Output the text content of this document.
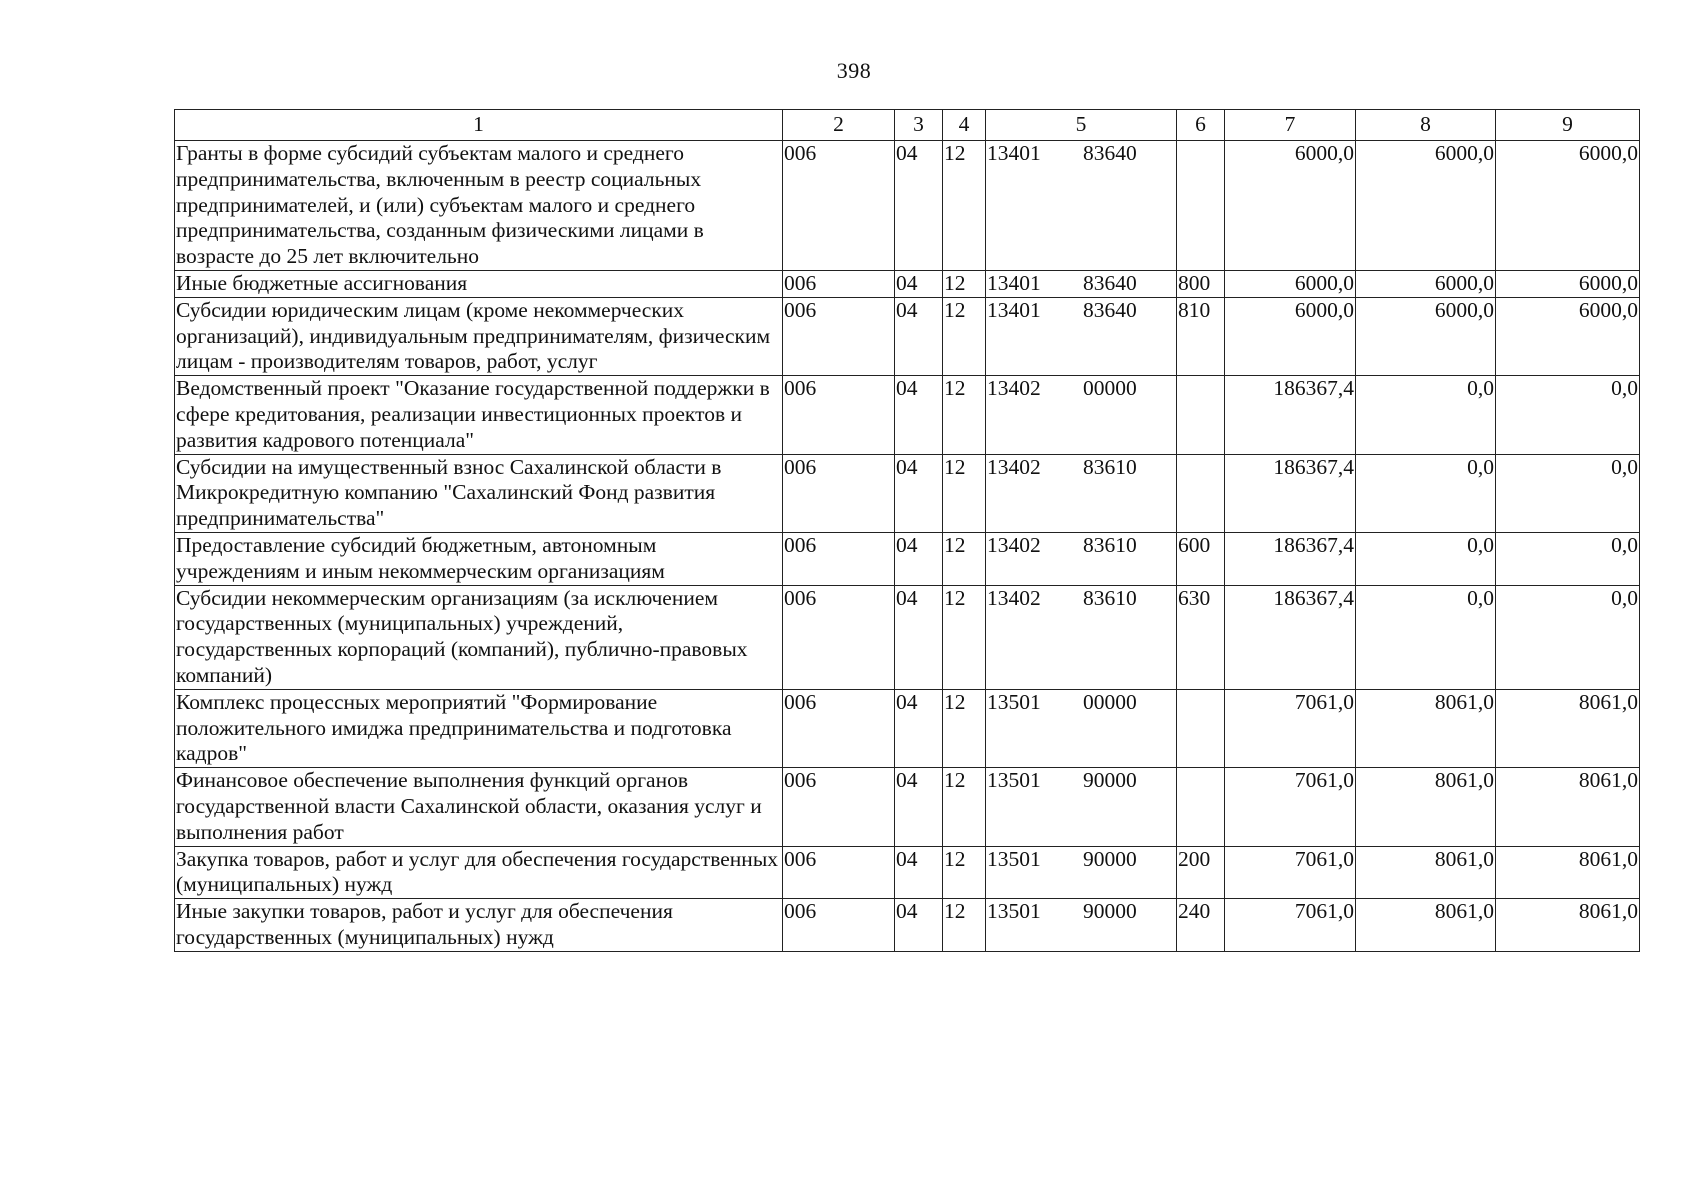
398
1	2	3	4	5	6	7	8	9
Гранты в форме субсидий субъектам малого и среднего предпринимательства, включенным в реестр социальных предпринимателей, и (или) субъектам малого и среднего предпринимательства, созданным физическими лицами в возрасте до 25 лет включительно	006	04	12	13401 83640		6000,0	6000,0	6000,0
Иные бюджетные ассигнования	006	04	12	13401 83640	800	6000,0	6000,0	6000,0
Субсидии юридическим лицам (кроме некоммерческих организаций), индивидуальным предпринимателям, физическим лицам - производителям товаров, работ, услуг	006	04	12	13401 83640	810	6000,0	6000,0	6000,0
Ведомственный проект "Оказание государственной поддержки в сфере кредитования, реализации инвестиционных проектов и развития кадрового потенциала"	006	04	12	13402 00000		186367,4	0,0	0,0
Субсидии на имущественный взнос Сахалинской области в Микрокредитную компанию "Сахалинский Фонд развития предпринимательства"	006	04	12	13402 83610		186367,4	0,0	0,0
Предоставление субсидий бюджетным, автономным учреждениям и иным некоммерческим организациям	006	04	12	13402 83610	600	186367,4	0,0	0,0
Субсидии некоммерческим организациям (за исключением государственных (муниципальных) учреждений, государственных корпораций (компаний), публично-правовых компаний)	006	04	12	13402 83610	630	186367,4	0,0	0,0
Комплекс процессных мероприятий "Формирование положительного имиджа предпринимательства и подготовка кадров"	006	04	12	13501 00000		7061,0	8061,0	8061,0
Финансовое обеспечение выполнения функций органов государственной власти Сахалинской области, оказания услуг и выполнения работ	006	04	12	13501 90000		7061,0	8061,0	8061,0
Закупка товаров, работ и услуг для обеспечения государственных (муниципальных) нужд	006	04	12	13501 90000	200	7061,0	8061,0	8061,0
Иные закупки товаров, работ и услуг для обеспечения государственных (муниципальных) нужд	006	04	12	13501 90000	240	7061,0	8061,0	8061,0
